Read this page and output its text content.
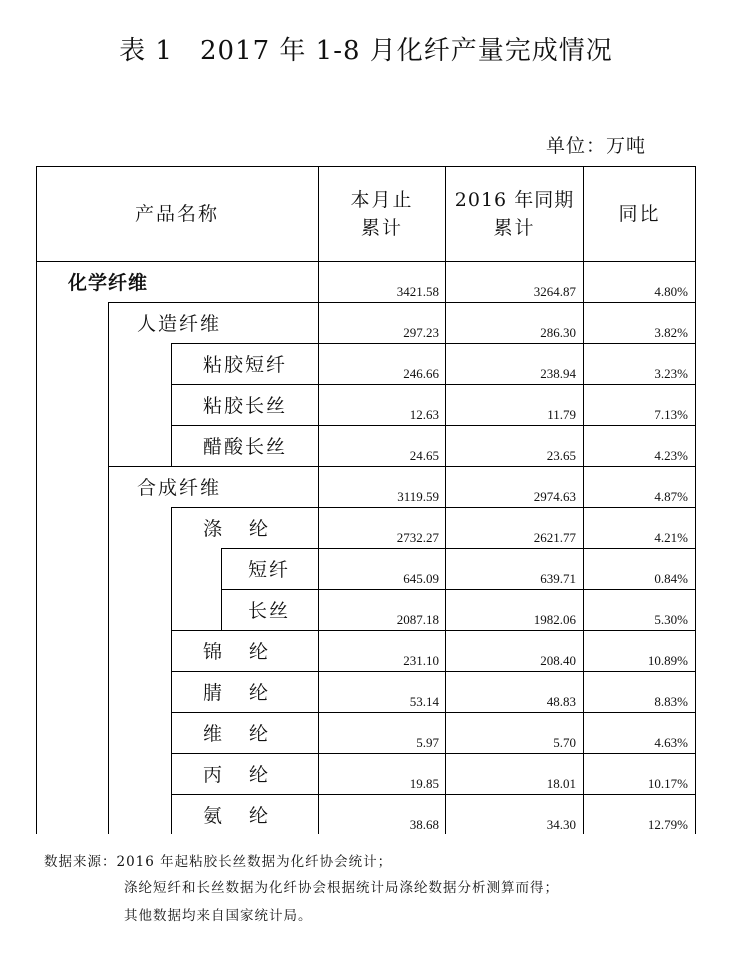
表 1　2017 年 1-8 月化纤产量完成情况
单位：万吨
产品名称
本月止
累计
2016 年同期
累计
同比
化学纤维
人造纤维
粘胶短纤
粘胶长丝
醋酸长丝
合成纤维
涤　纶
短纤
长丝
锦　纶
腈　纶
维　纶
丙　纶
氨　纶
3421.58
297.23
246.66
12.63
24.65
3119.59
2732.27
645.09
2087.18
231.10
53.14
5.97
19.85
38.68
3264.87
286.30
238.94
11.79
23.65
2974.63
2621.77
639.71
1982.06
208.40
48.83
5.70
18.01
34.30
4.80%
3.82%
3.23%
7.13%
4.23%
4.87%
4.21%
0.84%
5.30%
10.89%
8.83%
4.63%
10.17%
12.79%
数据来源：2016 年起粘胶长丝数据为化纤协会统计；
涤纶短纤和长丝数据为化纤协会根据统计局涤纶数据分析测算而得；
其他数据均来自国家统计局。
